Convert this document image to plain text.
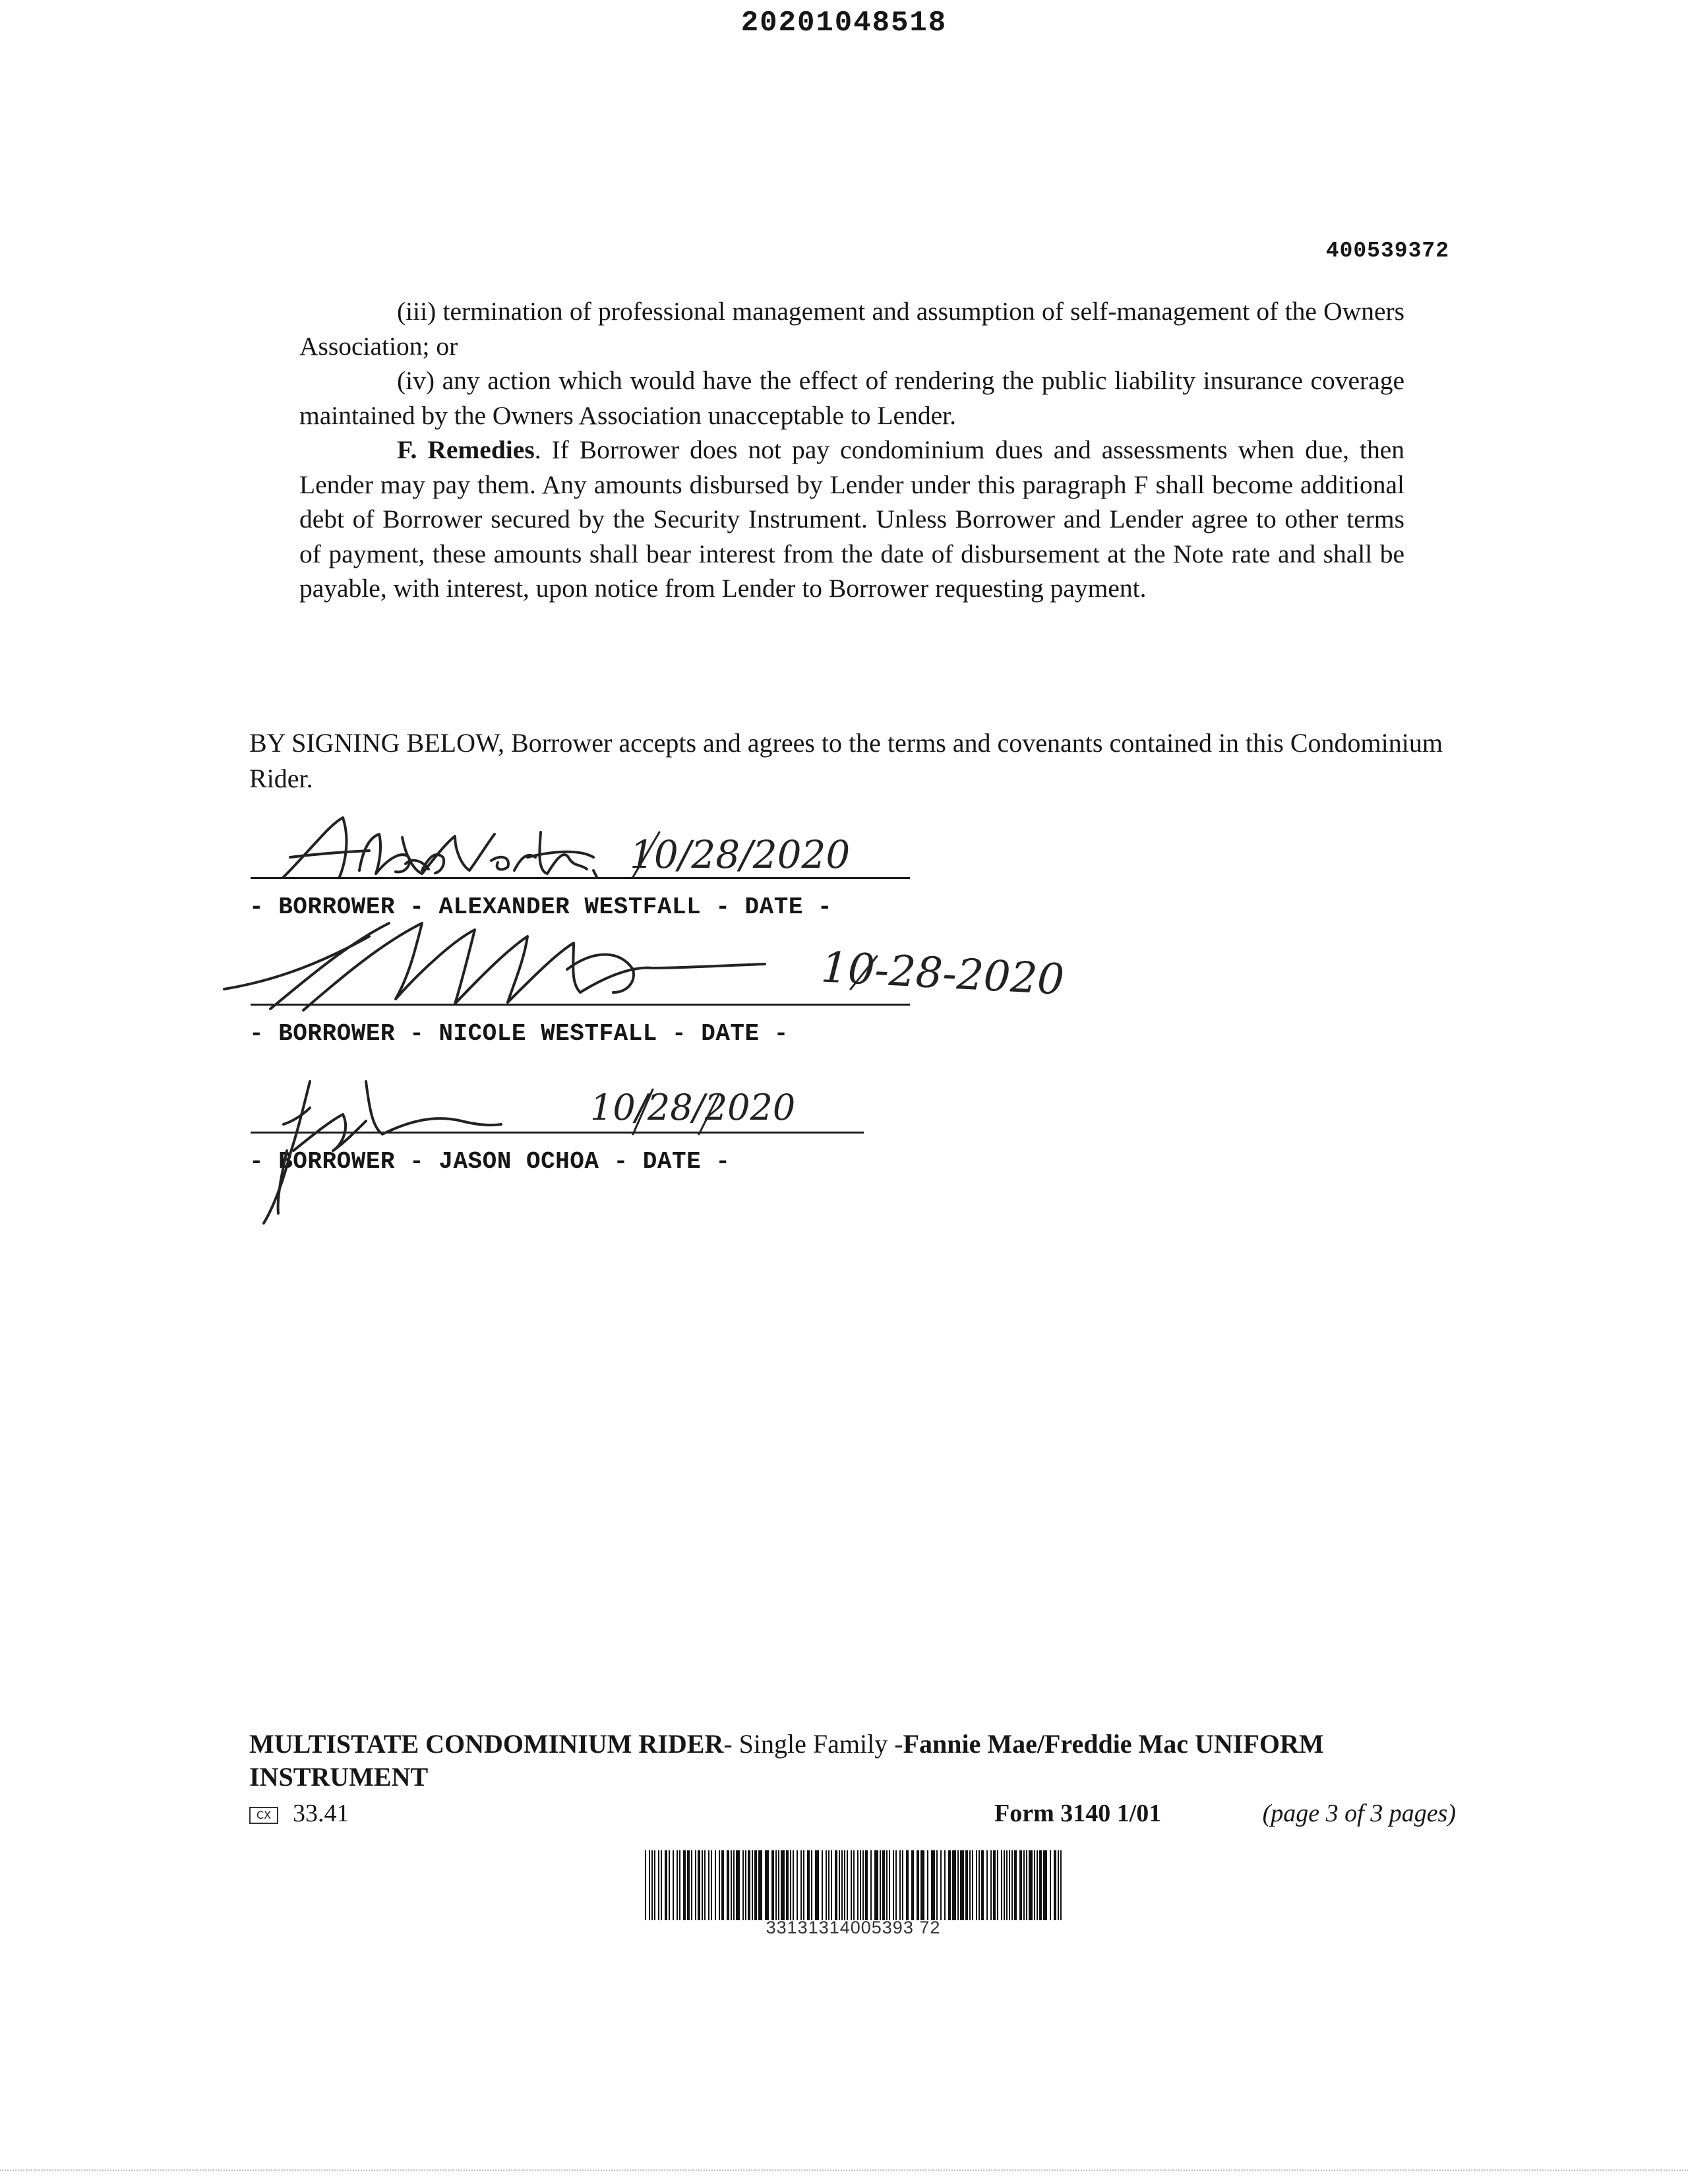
20201048518
400539372

(iii) termination of professional management and assumption of self-management of the Owners Association; or

(iv) any action which would have the effect of rendering the public liability insurance coverage maintained by the Owners Association unacceptable to Lender.

F. Remedies. If Borrower does not pay condominium dues and assessments when due, then Lender may pay them. Any amounts disbursed by Lender under this paragraph F shall become additional debt of Borrower secured by the Security Instrument. Unless Borrower and Lender agree to other terms of payment, these amounts shall bear interest from the date of disbursement at the Note rate and shall be payable, with interest, upon notice from Lender to Borrower requesting payment.

BY SIGNING BELOW, Borrower accepts and agrees to the terms and covenants contained in this Condominium Rider.
- BORROWER - ALEXANDER WESTFALL - DATE -
10/28/2020
- BORROWER - NICOLE WESTFALL - DATE -
10-28-2020
- BORROWER - JASON OCHOA - DATE -
10/28/2020
MULTISTATE CONDOMINIUM RIDER- Single Family -Fannie Mae/Freddie Mac UNIFORM INSTRUMENT
CX 33.41	Form 3140 1/01	(page 3 of 3 pages)
33131314005393 72
